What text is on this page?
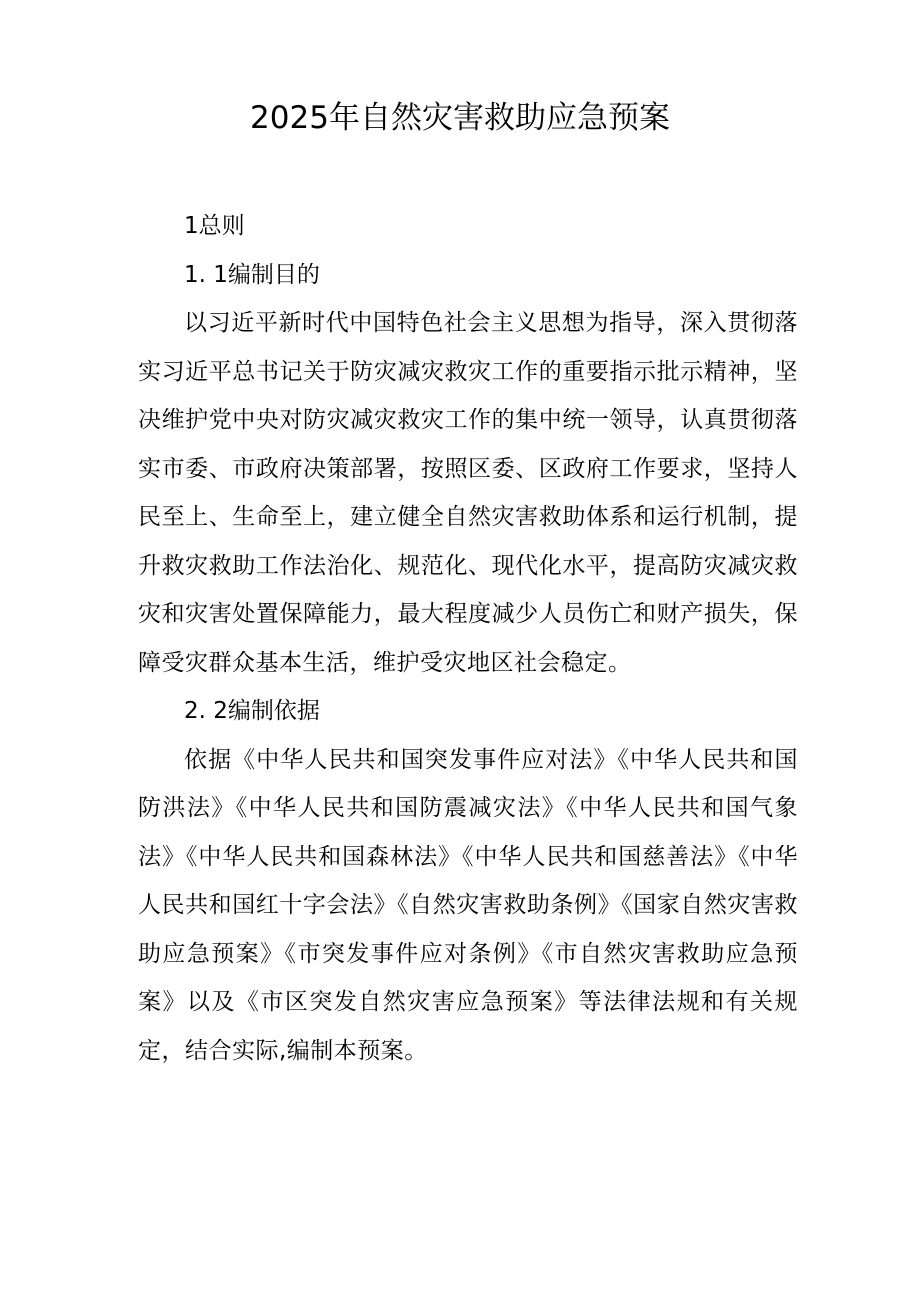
2025年自然灾害救助应急预案

1总则

1. 1编制目的

以习近平新时代中国特色社会主义思想为指导，深入贯彻落实习近平总书记关于防灾减灾救灾工作的重要指示批示精神，坚决维护党中央对防灾减灾救灾工作的集中统一领导，认真贯彻落实市委、市政府决策部署，按照区委、区政府工作要求，坚持人民至上、生命至上，建立健全自然灾害救助体系和运行机制，提升救灾救助工作法治化、规范化、现代化水平，提高防灾减灾救灾和灾害处置保障能力，最大程度减少人员伤亡和财产损失，保障受灾群众基本生活，维护受灾地区社会稳定。

2. 2编制依据

依据《中华人民共和国突发事件应对法》《中华人民共和国防洪法》《中华人民共和国防震减灾法》《中华人民共和国气象法》《中华人民共和国森林法》《中华人民共和国慈善法》《中华人民共和国红十字会法》《自然灾害救助条例》《国家自然灾害救助应急预案》《市突发事件应对条例》《市自然灾害救助应急预案》以及《市区突发自然灾害应急预案》等法律法规和有关规定，结合实际,编制本预案。
